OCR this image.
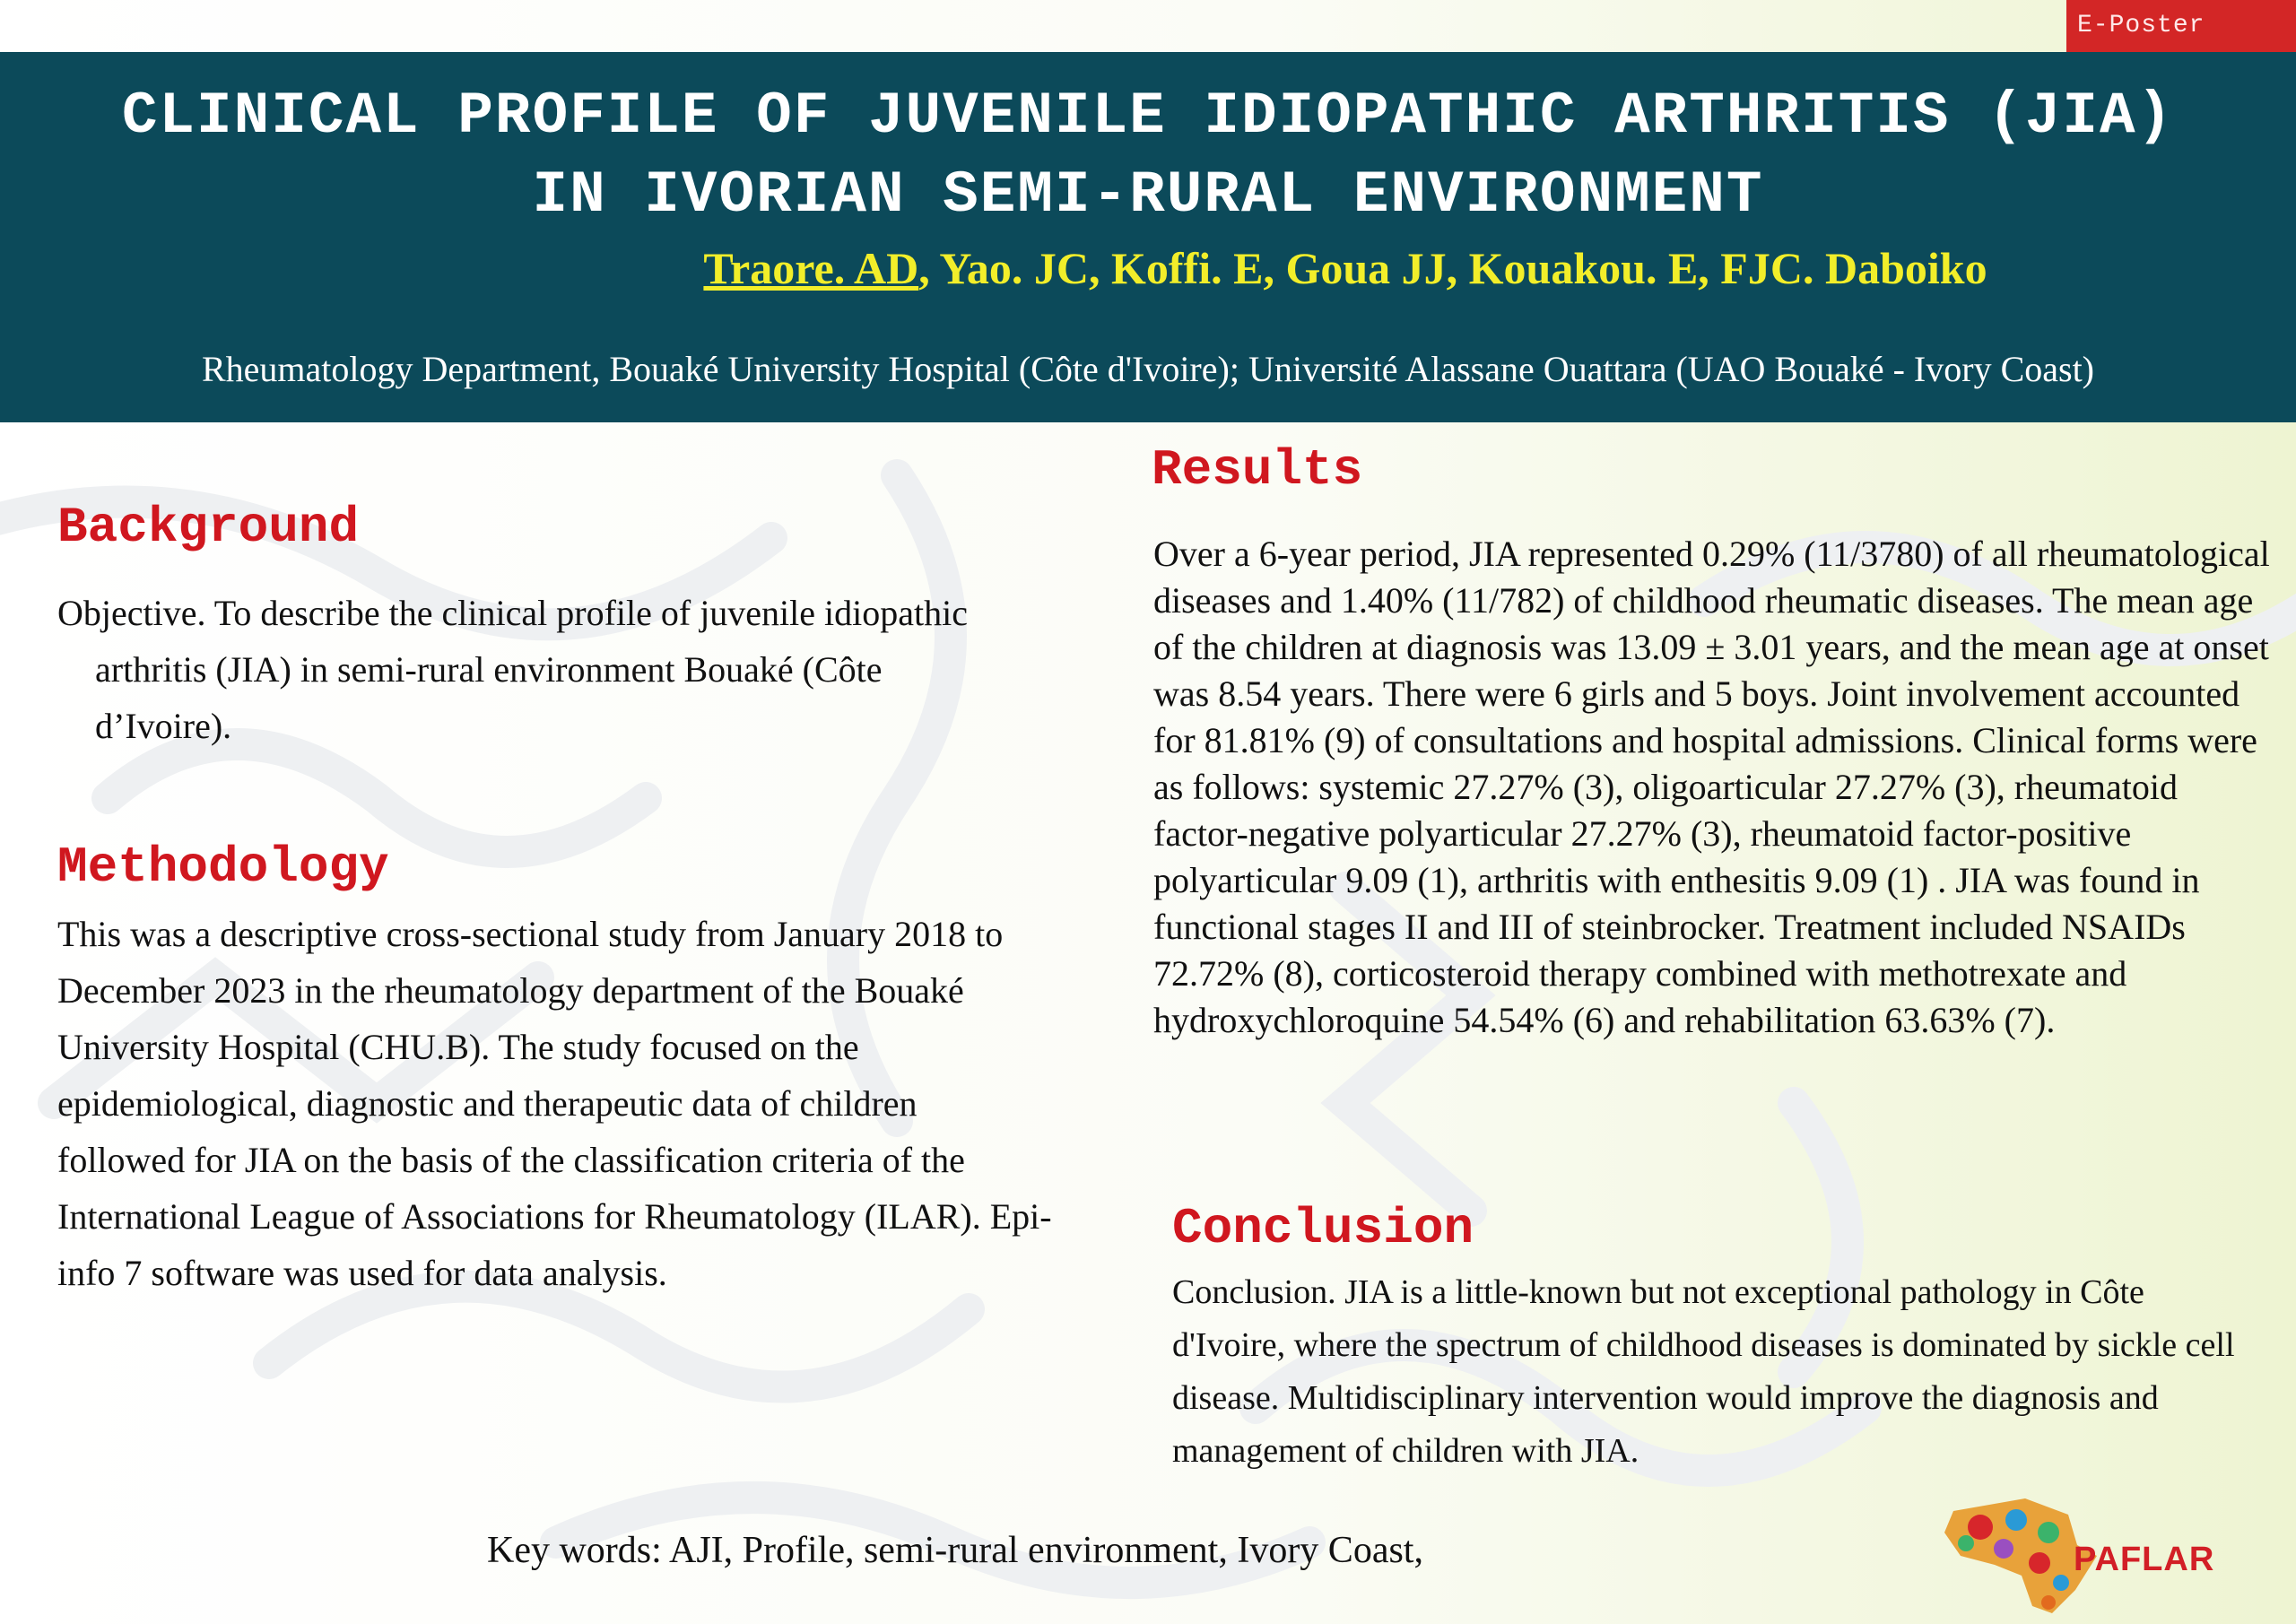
E-Poster
CLINICAL PROFILE OF JUVENILE IDIOPATHIC ARTHRITIS (JIA)
IN IVORIAN SEMI-RURAL ENVIRONMENT
Traore. AD, Yao. JC, Koffi. E, Goua JJ, Kouakou. E, FJC. Daboiko
Rheumatology Department, Bouaké University Hospital (Côte d'Ivoire); Université Alassane Ouattara (UAO Bouaké - Ivory Coast)
Background

Objective. To describe the clinical profile of juvenile idiopathic arthritis (JIA) in semi-rural environment Bouaké (Côte d’Ivoire).

Methodology

This was a descriptive cross-sectional study from January 2018 to December 2023 in the rheumatology department of the Bouaké University Hospital (CHU.B). The study focused on the epidemiological, diagnostic and therapeutic data of children followed for JIA on the basis of the classification criteria of the International League of Associations for Rheumatology (ILAR). Epi-info 7 software was used for data analysis.

Results

Over a 6-year period, JIA represented 0.29% (11/3780) of all rheumatological diseases and 1.40% (11/782) of childhood rheumatic diseases. The mean age of the children at diagnosis was 13.09 ± 3.01 years, and the mean age at onset was 8.54 years. There were 6 girls and 5 boys. Joint involvement accounted for 81.81% (9) of consultations and hospital admissions. Clinical forms were as follows: systemic 27.27% (3), oligoarticular 27.27% (3), rheumatoid factor-negative polyarticular 27.27% (3), rheumatoid factor-positive polyarticular 9.09 (1), arthritis with enthesitis 9.09 (1) . JIA was found in functional stages II and III of steinbrocker. Treatment included NSAIDs 72.72% (8), corticosteroid therapy combined with methotrexate and hydroxychloroquine 54.54% (6) and rehabilitation 63.63% (7).

Conclusion

Conclusion. JIA is a little-known but not exceptional pathology in Côte d'Ivoire, where the spectrum of childhood diseases is dominated by sickle cell disease. Multidisciplinary intervention would improve the diagnosis and management of children with JIA.

Key words: AJI, Profile, semi-rural environment, Ivory Coast,	PAFLAR
